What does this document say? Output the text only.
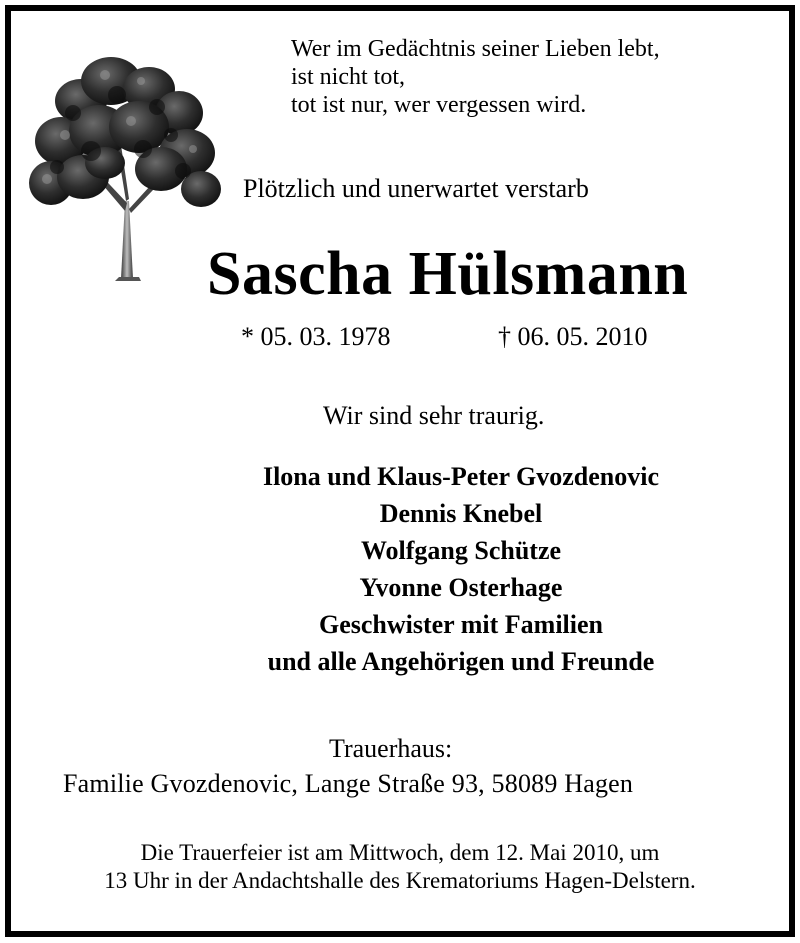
Wer im Gedächtnis seiner Lieben lebt,
ist nicht tot,
tot ist nur, wer vergessen wird.
Plötzlich und unerwartet verstarb
Sascha Hülsmann
* 05. 03. 1978	† 06. 05. 2010
Wir sind sehr traurig.
Ilona und Klaus-Peter Gvozdenovic
Dennis Knebel
Wolfgang Schütze
Yvonne Osterhage
Geschwister mit Familien
und alle Angehörigen und Freunde
Trauerhaus:
Familie Gvozdenovic, Lange Straße 93, 58089 Hagen
Die Trauerfeier ist am Mittwoch, dem 12. Mai 2010, um
13 Uhr in der Andachtshalle des Krematoriums Hagen-Delstern.
